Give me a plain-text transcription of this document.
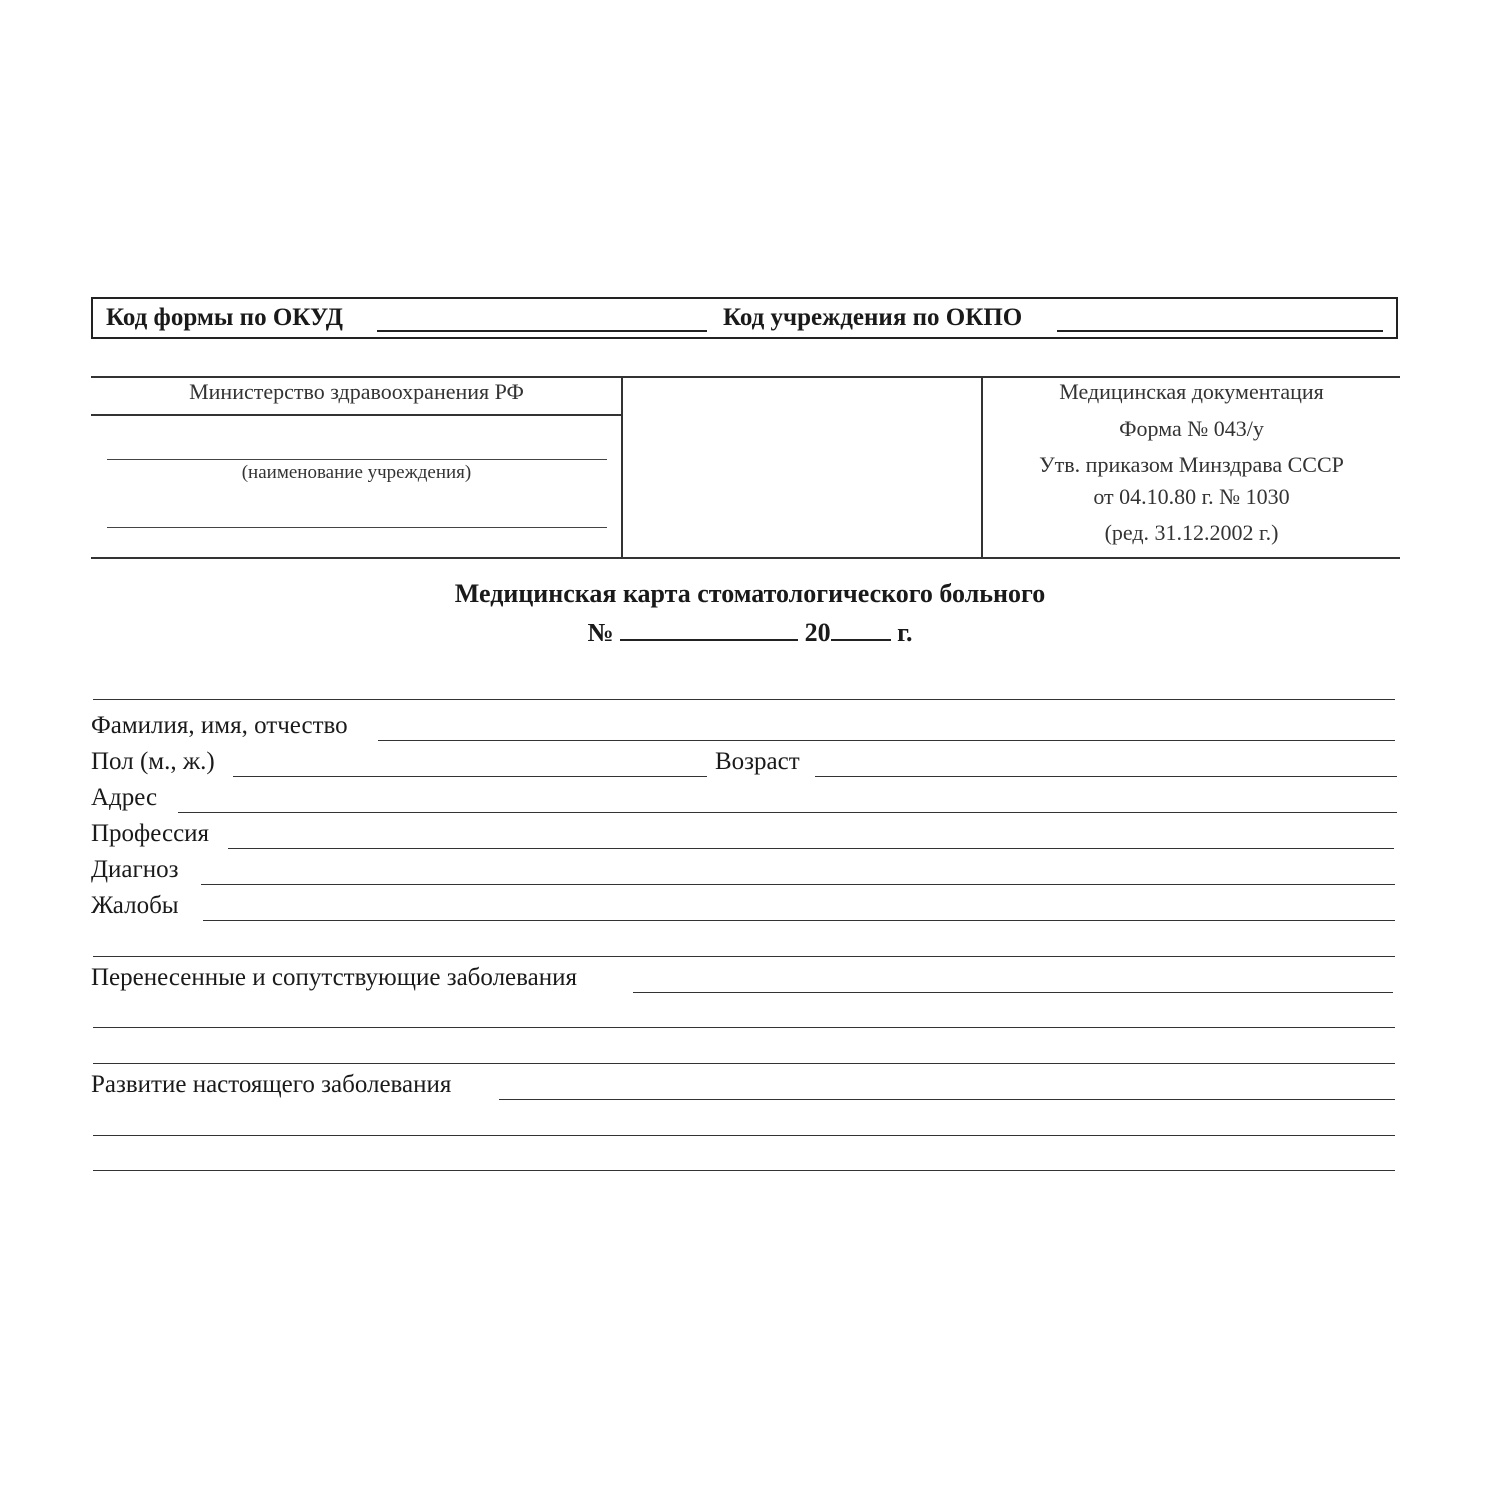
Код формы по ОКУД	Код учреждения по ОКПО
Министерство здравоохранения РФ
(наименование учреждения)
Медицинская документация
Форма № 043/у
Утв. приказом Минздрава СССР
от 04.10.80 г. № 1030
(ред. 31.12.2002 г.)
Медицинская карта стоматологического больного
№	20	г.
Фамилия, имя, отчество
Пол (м., ж.)	Возраст
Адрес
Профессия
Диагноз
Жалобы
Перенесенные и сопутствующие заболевания
Развитие настоящего заболевания
